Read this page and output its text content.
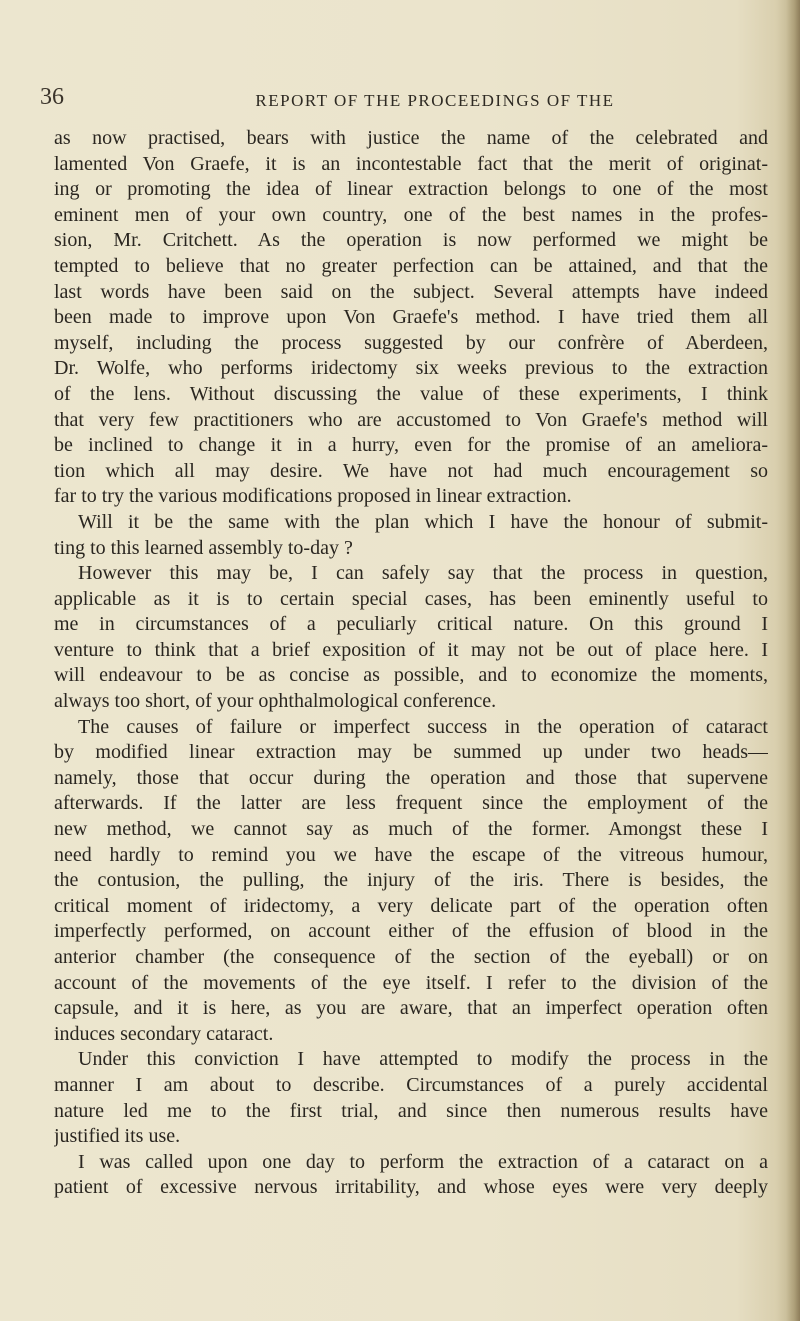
36	REPORT OF THE PROCEEDINGS OF THE
as now practised, bears with justice the name of the celebrated and
lamented Von Graefe, it is an incontestable fact that the merit of originat-
ing or promoting the idea of linear extraction belongs to one of the most
eminent men of your own country, one of the best names in the profes-
sion, Mr. Critchett. As the operation is now performed we might be
tempted to believe that no greater perfection can be attained, and that the
last words have been said on the subject. Several attempts have indeed
been made to improve upon Von Graefe's method. I have tried them all
myself, including the process suggested by our confrère of Aberdeen,
Dr. Wolfe, who performs iridectomy six weeks previous to the extraction
of the lens. Without discussing the value of these experiments, I think
that very few practitioners who are accustomed to Von Graefe's method will
be inclined to change it in a hurry, even for the promise of an ameliora-
tion which all may desire. We have not had much encouragement so
far to try the various modifications proposed in linear extraction.
Will it be the same with the plan which I have the honour of submit-
ting to this learned assembly to-day ?
However this may be, I can safely say that the process in question,
applicable as it is to certain special cases, has been eminently useful to
me in circumstances of a peculiarly critical nature. On this ground I
venture to think that a brief exposition of it may not be out of place here. I
will endeavour to be as concise as possible, and to economize the moments,
always too short, of your ophthalmological conference.
The causes of failure or imperfect success in the operation of cataract
by modified linear extraction may be summed up under two heads—
namely, those that occur during the operation and those that supervene
afterwards. If the latter are less frequent since the employment of the
new method, we cannot say as much of the former. Amongst these I
need hardly to remind you we have the escape of the vitreous humour,
the contusion, the pulling, the injury of the iris. There is besides, the
critical moment of iridectomy, a very delicate part of the operation often
imperfectly performed, on account either of the effusion of blood in the
anterior chamber (the consequence of the section of the eyeball) or on
account of the movements of the eye itself. I refer to the division of the
capsule, and it is here, as you are aware, that an imperfect operation often
induces secondary cataract.
Under this conviction I have attempted to modify the process in the
manner I am about to describe. Circumstances of a purely accidental
nature led me to the first trial, and since then numerous results have
justified its use.
I was called upon one day to perform the extraction of a cataract on a
patient of excessive nervous irritability, and whose eyes were very deeply
